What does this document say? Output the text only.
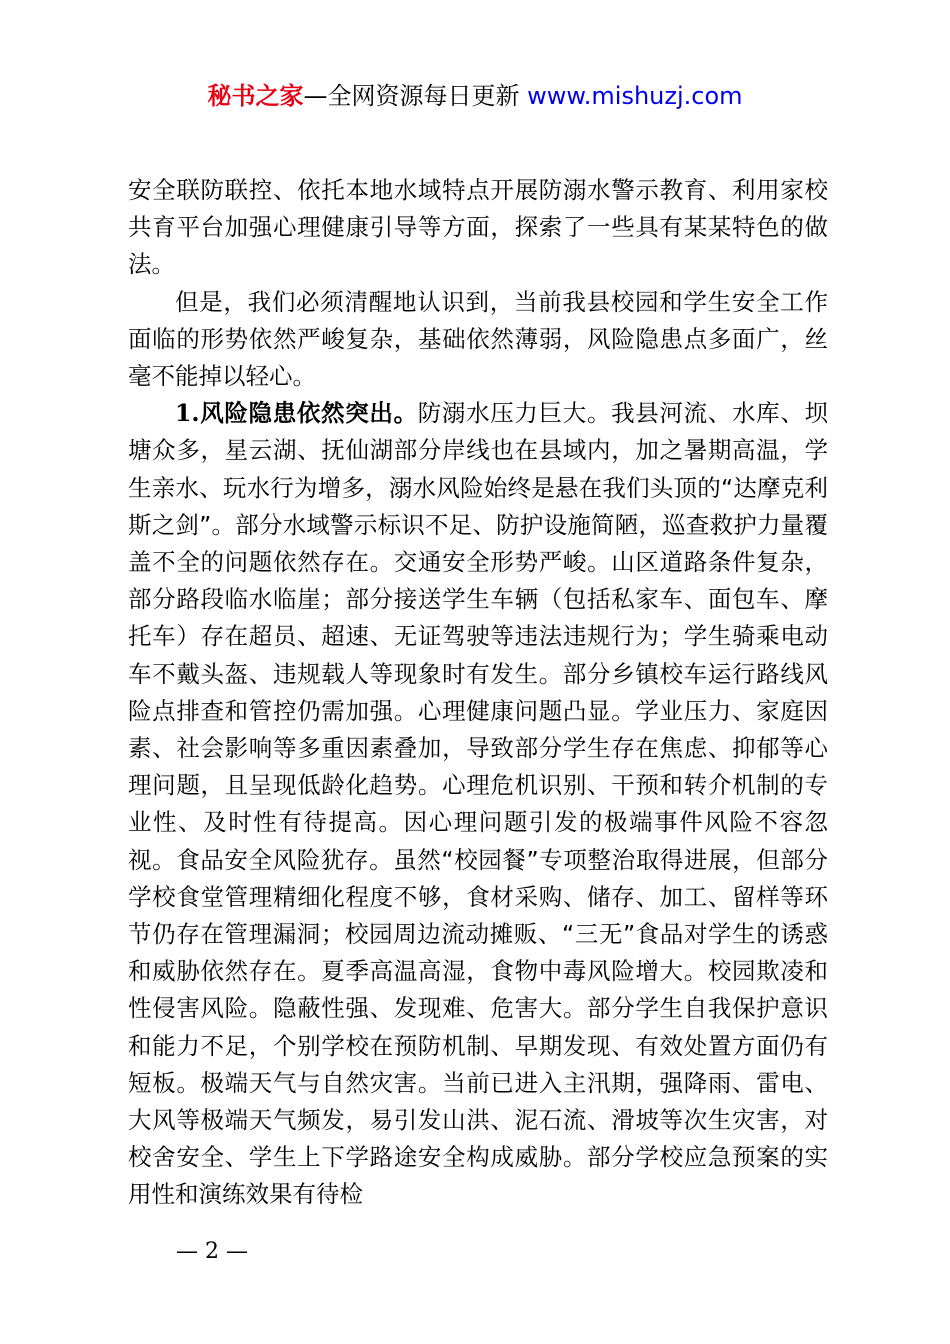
秘书之家—全网资源每日更新 www.mishuzj.com

安全联防联控、依托本地水域特点开展防溺水警示教育、利用家校共育平台加强心理健康引导等方面，探索了一些具有某某特色的做法。

但是，我们必须清醒地认识到，当前我县校园和学生安全工作面临的形势依然严峻复杂，基础依然薄弱，风险隐患点多面广，丝毫不能掉以轻心。

1.风险隐患依然突出。防溺水压力巨大。我县河流、水库、坝塘众多，星云湖、抚仙湖部分岸线也在县域内，加之暑期高温，学生亲水、玩水行为增多，溺水风险始终是悬在我们头顶的“达摩克利斯之剑”。部分水域警示标识不足、防护设施简陋，巡查救护力量覆盖不全的问题依然存在。交通安全形势严峻。山区道路条件复杂，部分路段临水临崖；部分接送学生车辆（包括私家车、面包车、摩托车）存在超员、超速、无证驾驶等违法违规行为；学生骑乘电动车不戴头盔、违规载人等现象时有发生。部分乡镇校车运行路线风险点排查和管控仍需加强。心理健康问题凸显。学业压力、家庭因素、社会影响等多重因素叠加，导致部分学生存在焦虑、抑郁等心理问题，且呈现低龄化趋势。心理危机识别、干预和转介机制的专业性、及时性有待提高。因心理问题引发的极端事件风险不容忽视。食品安全风险犹存。虽然“校园餐”专项整治取得进展，但部分学校食堂管理精细化程度不够，食材采购、储存、加工、留样等环节仍存在管理漏洞；校园周边流动摊贩、“三无”食品对学生的诱惑和威胁依然存在。夏季高温高湿，食物中毒风险增大。校园欺凌和性侵害风险。隐蔽性强、发现难、危害大。部分学生自我保护意识和能力不足，个别学校在预防机制、早期发现、有效处置方面仍有短板。极端天气与自然灾害。当前已进入主汛期，强降雨、雷电、大风等极端天气频发，易引发山洪、泥石流、滑坡等次生灾害，对校舍安全、学生上下学路途安全构成威胁。部分学校应急预案的实用性和演练效果有待检

— 2 —
